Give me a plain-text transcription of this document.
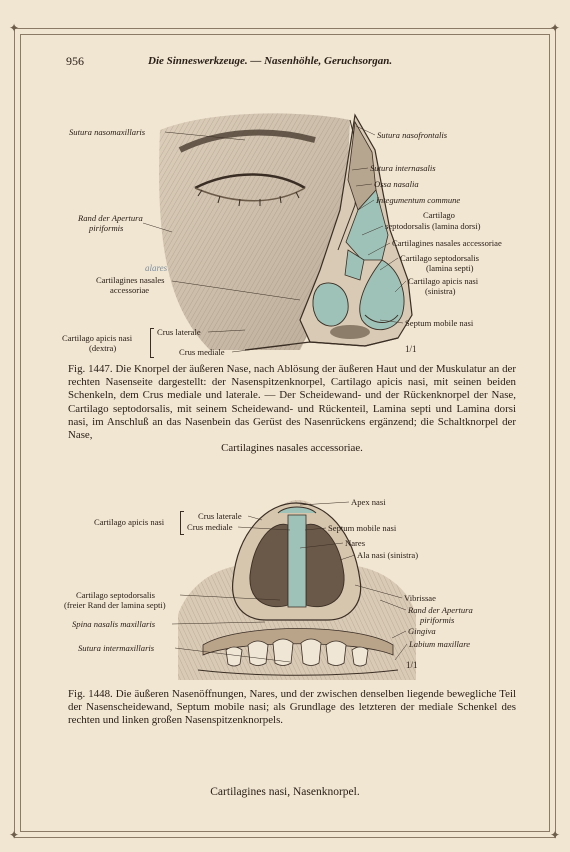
✦	✦
✦	✦
956	Die Sinneswerkzeuge. — Nasenhöhle, Geruchsorgan.
Sutura nasomaxillaris	Sutura nasofrontalis
Sutura internasalis
Ossa nasalia
Integumentum commune
Cartilago
septodorsalis (lamina dorsi)
Rand der Apertura
piriformis
Cartilagines nasales accessoriae
Cartilago septodorsalis
(lamina septi)
Cartilago apicis nasi
(sinistra)
alares
Cartilagines nasales
accessoriae
Cartilago apicis nasi
(dextra)
Crus laterale
Crus mediale
Septum mobile nasi
1/1
Fig. 1447. Die Knorpel der äußeren Nase, nach Ablösung der äußeren Haut und der Muskulatur an der rechten Nasenseite dargestellt: der Nasenspitzenknorpel, Cartilago apicis nasi, mit seinen beiden Schenkeln, dem Crus mediale und laterale. — Der Scheidewand- und der Rückenknorpel der Nase, Cartilago septodorsalis, mit seinem Scheidewand- und Rückenteil, Lamina septi und Lamina dorsi nasi, im Anschluß an das Nasenbein das Gerüst des Nasenrückens ergänzend; die Schaltknorpel der Nase,
Cartilagines nasales accessoriae.
Apex nasi
Crus laterale
Crus mediale
Cartilago apicis nasi
Septum mobile nasi
Nares
Ala nasi (sinistra)
Cartilago septodorsalis
(freier Rand der lamina septi)
Vibrissae
Rand der Apertura
piriformis
Spina nasalis maxillaris
Gingiva
Sutura intermaxillaris	Labium maxillare
1/1
Fig. 1448. Die äußeren Nasenöffnungen, Nares, und der zwischen denselben liegende bewegliche Teil der Nasenscheidewand, Septum mobile nasi; als Grundlage des letzteren der mediale Schenkel des rechten und linken großen Nasenspitzenknorpels.
Cartilagines nasi, Nasenknorpel.
